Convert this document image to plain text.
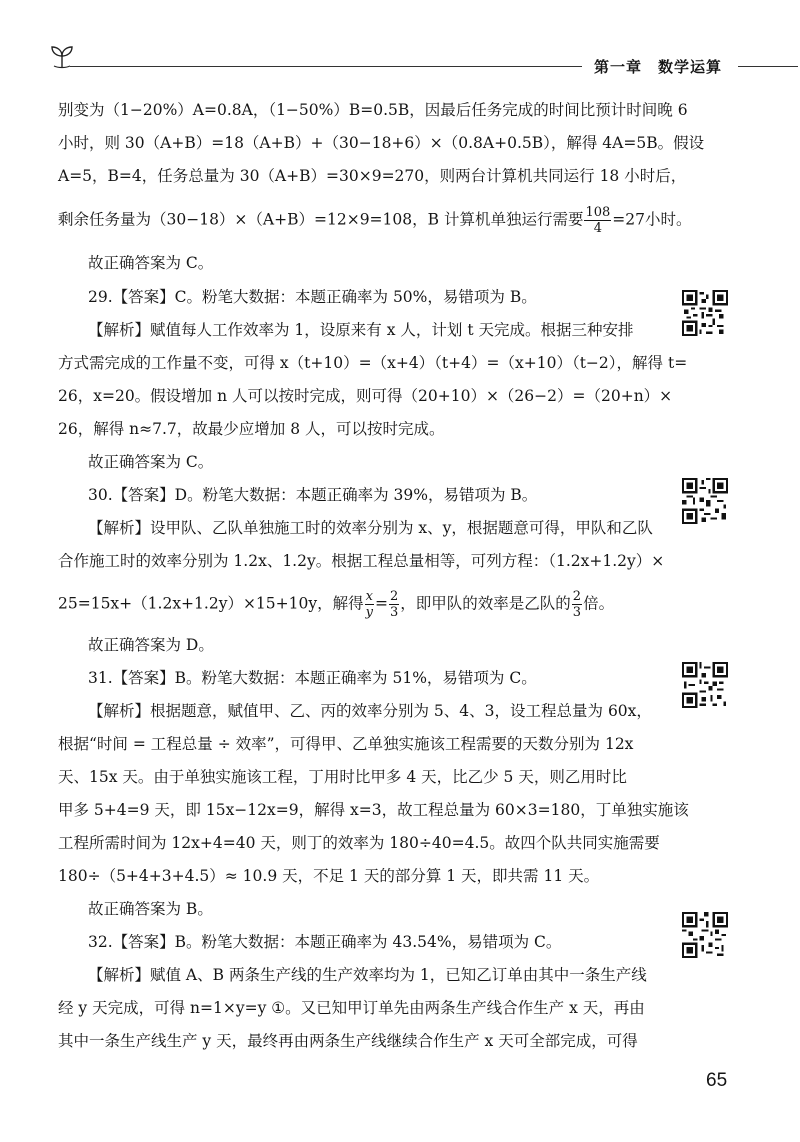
第一章 数学运算
别变为（1−20%）A=0.8A，（1−50%）B=0.5B，因最后任务完成的时间比预计时间晚 6
小时，则 30（A+B）=18（A+B）+（30−18+6）×（0.8A+0.5B），解得 4A=5B。假设
A=5，B=4，任务总量为 30（A+B）=30×9=270，则两台计算机共同运行 18 小时后，
剩余任务量为（30−18）×（A+B）=12×9=108，B 计算机单独运行需要 $\frac{108}{4} =27$小时。
故正确答案为 C。
29.【答案】C。粉笔大数据：本题正确率为 50%，易错项为 B。
【解析】赋值每人工作效率为 1，设原来有 x 人，计划 t 天完成。根据三种安排
方式需完成的工作量不变，可得 x（t+10）=（x+4）（t+4）=（x+10）（t−2），解得 t=
26，x=20。假设增加 n 人可以按时完成，则可得（20+10）×（26−2）=（20+n）×
26，解得 n≈7.7，故最少应增加 8 人，可以按时完成。
故正确答案为 C。
30.【答案】D。粉笔大数据：本题正确率为 39%，易错项为 B。
【解析】设甲队、乙队单独施工时的效率分别为 x、y，根据题意可得，甲队和乙队
合作施工时的效率分别为 1.2x、1.2y。根据工程总量相等，可列方程：（1.2x+1.2y）×
25=15x+（1.2x+1.2y）×15+10y，解得 $\frac{x}{y} = \frac{2}{3}$ ，即甲队的效率是乙队的 $\frac{2}{3}$ 倍。
故正确答案为 D。
31.【答案】B。粉笔大数据：本题正确率为 51%，易错项为 C。
【解析】根据题意，赋值甲、乙、丙的效率分别为 5、4、3，设工程总量为 60x，
根据“时间 = 工程总量 ÷ 效率”，可得甲、乙单独实施该工程需要的天数分别为 12x
天、15x 天。由于单独实施该工程，丁用时比甲多 4 天，比乙少 5 天，则乙用时比
甲多 5+4=9 天，即 15x−12x=9，解得 x=3，故工程总量为 60×3=180，丁单独实施该
工程所需时间为 12x+4=40 天，则丁的效率为 180÷40=4.5。故四个队共同实施需要
180÷（5+4+3+4.5）≈ 10.9 天，不足 1 天的部分算 1 天，即共需 11 天。
故正确答案为 B。
32.【答案】B。粉笔大数据：本题正确率为 43.54%，易错项为 C。
【解析】赋值 A、B 两条生产线的生产效率均为 1，已知乙订单由其中一条生产线
经 y 天完成，可得 n=1×y=y ①。又已知甲订单先由两条生产线合作生产 x 天，再由
其中一条生产线生产 y 天，最终再由两条生产线继续合作生产 x 天可全部完成，可得
65
